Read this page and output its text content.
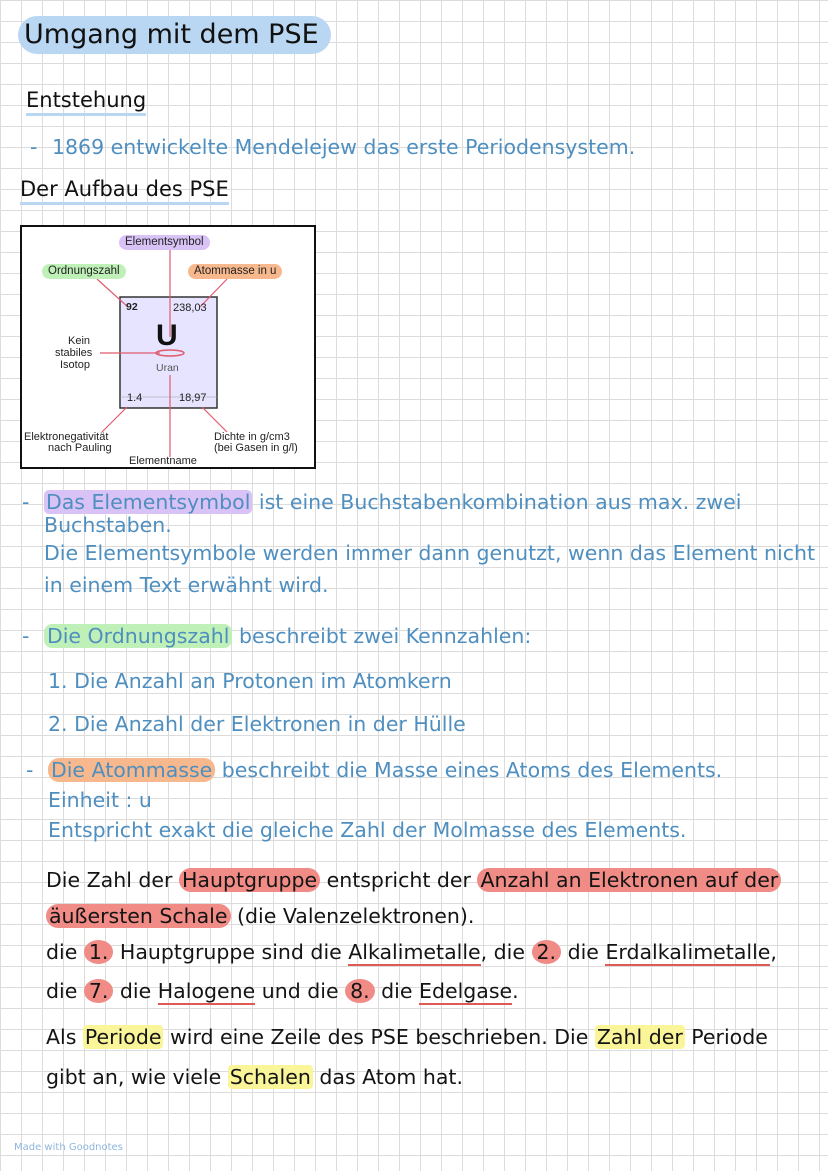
Umgang mit dem PSE
Entstehung
- 1869 entwickelte Mendelejew das erste Periodensystem.
Der Aufbau des PSE
Elementsymbol
Ordnungszahl	Atommasse in u
92	238,03
U
Uran
Kein
stabiles
Isotop
1.4	18,97
Elektronegativität
nach Pauling
Dichte in g/cm3
(bei Gasen in g/l)
Elementname
- Das Elementsymbol ist eine Buchstabenkombination aus max. zwei
Buchstaben.
Die Elementsymbole werden immer dann genutzt, wenn das Element nicht
in einem Text erwähnt wird.
- Die Ordnungszahl beschreibt zwei Kennzahlen:
1. Die Anzahl an Protonen im Atomkern
2. Die Anzahl der Elektronen in der Hülle
- Die Atommasse beschreibt die Masse eines Atoms des Elements.
Einheit : u
Entspricht exakt die gleiche Zahl der Molmasse des Elements.
Die Zahl der Hauptgruppe entspricht der Anzahl an Elektronen auf der
äußersten Schale (die Valenzelektronen).
die 1. Hauptgruppe sind die Alkalimetalle, die 2. die Erdalkalimetalle,
die 7. die Halogene und die 8. die Edelgase.
Als Periode wird eine Zeile des PSE beschrieben. Die Zahl der Periode
gibt an, wie viele Schalen das Atom hat.
Made with Goodnotes
